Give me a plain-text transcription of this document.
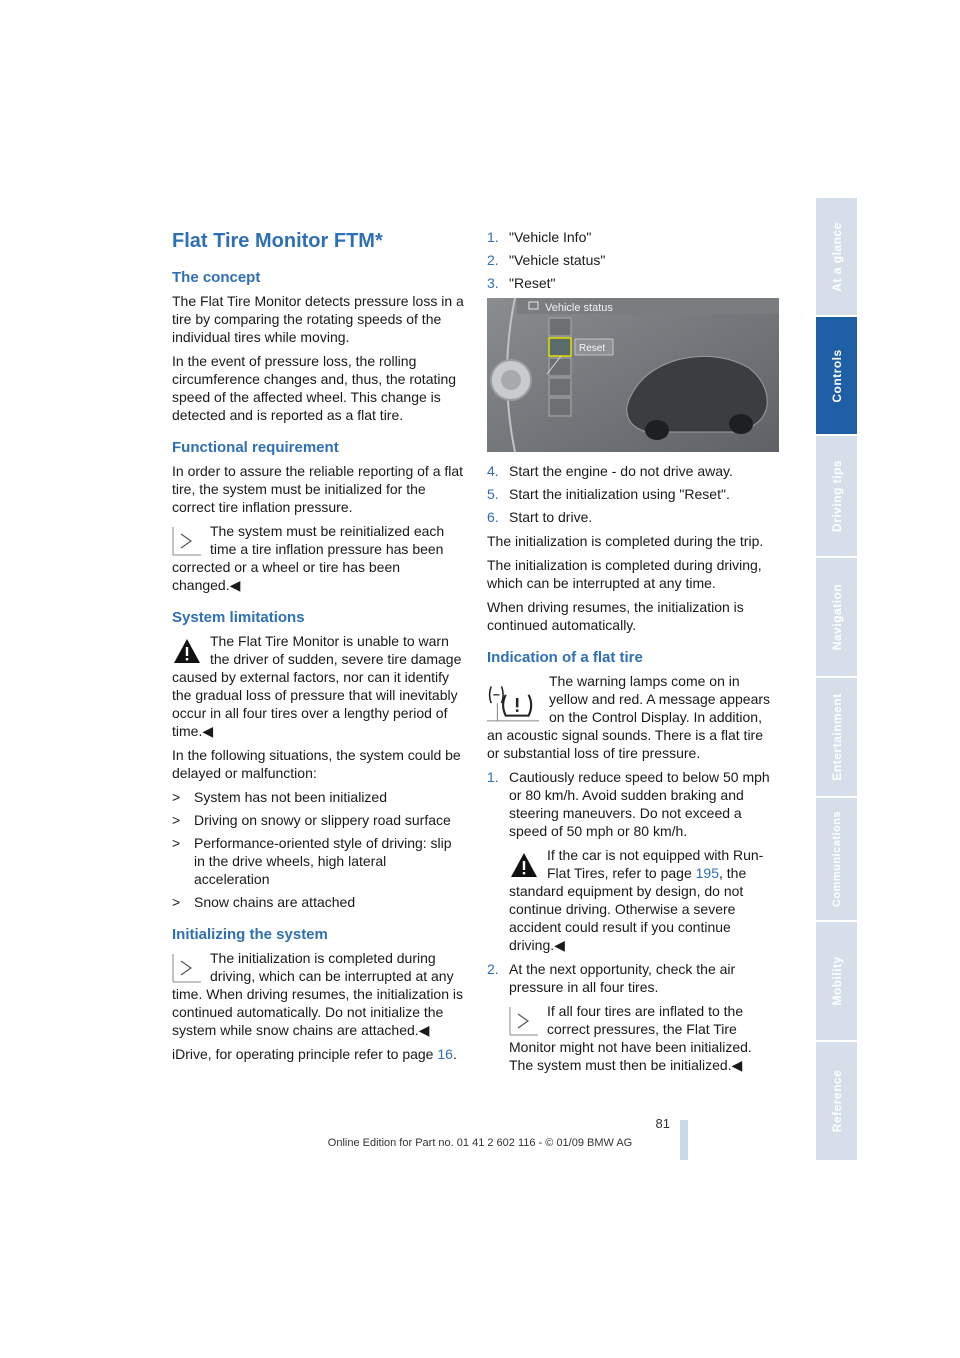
At a glance
Controls
Driving tips
Navigation
Entertainment
Communications
Mobility
Reference
Flat Tire Monitor FTM*
The concept

The Flat Tire Monitor detects pressure loss in a tire by comparing the rotating speeds of the individual tires while moving.

In the event of pressure loss, the rolling circumference changes and, thus, the rotating speed of the affected wheel. This change is detected and is reported as a flat tire.

Functional requirement

In order to assure the reliable reporting of a flat tire, the system must be initialized for the correct tire inflation pressure.

The system must be reinitialized each time a tire inflation pressure has been corrected or a wheel or tire has been changed.◀

System limitations

The Flat Tire Monitor is unable to warn the driver of sudden, severe tire damage caused by external factors, nor can it identify the gradual loss of pressure that will inevitably occur in all four tires over a lengthy period of time.◀

In the following situations, the system could be delayed or malfunction:

> System has not been initialized
> Driving on snowy or slippery road surface
> Performance-oriented style of driving: slip in the drive wheels, high lateral acceleration
> Snow chains are attached
Initializing the system

The initialization is completed during driving, which can be interrupted at any time. When driving resumes, the initialization is continued automatically. Do not initialize the system while snow chains are attached.◀

iDrive, for operating principle refer to page 16.

1. "Vehicle Info"
2. "Vehicle status"
3. "Reset"
Vehicle status
Reset
4. Start the engine - do not drive away.
5. Start the initialization using "Reset".
6. Start to drive.

The initialization is completed during the trip.

The initialization is completed during driving, which can be interrupted at any time.

When driving resumes, the initialization is continued automatically.

Indication of a flat tire

The warning lamps come on in yellow and red. A message appears on the Control Display. In addition, an acoustic signal sounds. There is a flat tire or substantial loss of tire pressure.

1. Cautiously reduce speed to below 50 mph or 80 km/h. Avoid sudden braking and steering maneuvers. Do not exceed a speed of 50 mph or 80 km/h.

If the car is not equipped with Run-Flat Tires, refer to page 195, the standard equipment by design, do not continue driving. Otherwise a severe accident could result if you continue driving.◀

2. At the next opportunity, check the air pressure in all four tires.

If all four tires are inflated to the correct pressures, the Flat Tire Monitor might not have been initialized. The system must then be initialized.◀

81
Online Edition for Part no. 01 41 2 602 116 - © 01/09 BMW AG
